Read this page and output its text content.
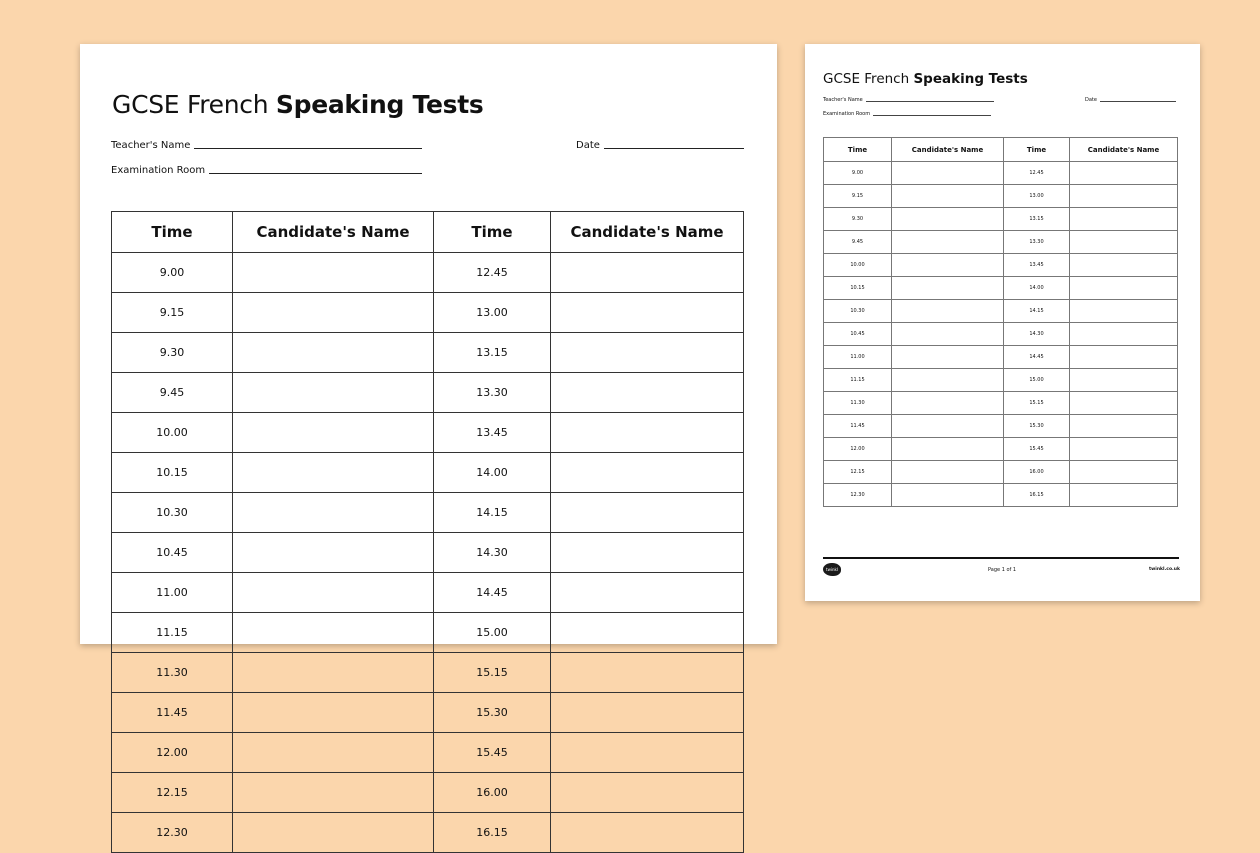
GCSE French Speaking Tests
Teacher's Name
Examination Room
Date
Time	Candidate's Name	Time	Candidate's Name
9.00		12.45	
9.15		13.00	
9.30		13.15	
9.45		13.30	
10.00		13.45	
10.15		14.00	
10.30		14.15	
10.45		14.30	
11.00		14.45	
11.15		15.00	
11.30		15.15	
11.45		15.30	
12.00		15.45	
12.15		16.00	
12.30		16.15	
GCSE French Speaking Tests
Teacher's Name
Examination Room
Date
Time	Candidate's Name	Time	Candidate's Name
9.00		12.45	
9.15		13.00	
9.30		13.15	
9.45		13.30	
10.00		13.45	
10.15		14.00	
10.30		14.15	
10.45		14.30	
11.00		14.45	
11.15		15.00	
11.30		15.15	
11.45		15.30	
12.00		15.45	
12.15		16.00	
12.30		16.15	
twinkl	Page 1 of 1	twinkl.co.uk
